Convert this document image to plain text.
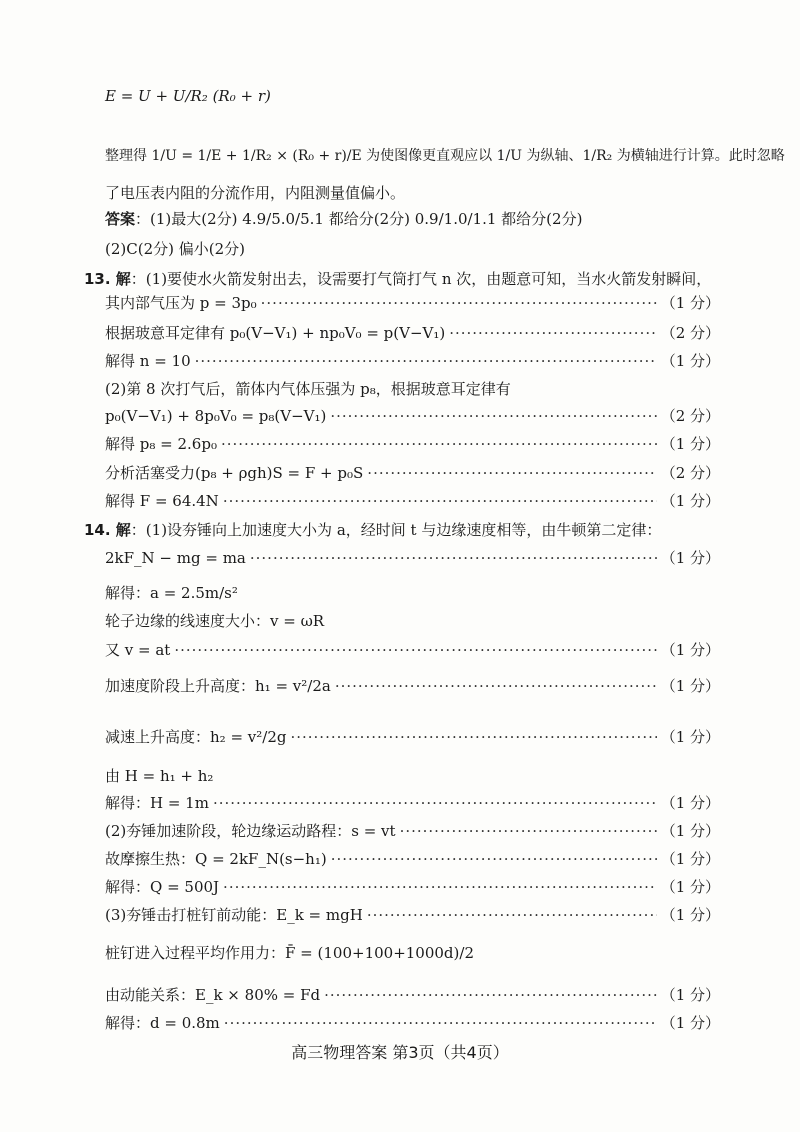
E = U + U/R₂ (R₀ + r)
整理得 1/U = 1/E + 1/R₂ × (R₀ + r)/E 为使图像更直观应以 1/U 为纵轴、1/R₂ 为横轴进行计算。此时忽略
了电压表内阻的分流作用，内阻测量值偏小。
答案 ：(1)最大(2分) 4.9/5.0/5.1 都给分(2分) 0.9/1.0/1.1 都给分(2分)
(2)C(2分) 偏小(2分)
13. 解 ：(1)要使水火箭发射出去，设需要打气筒打气 n 次，由题意可知，当水火箭发射瞬间，
其内部气压为 p = 3p₀ ·····	（1 分）
根据玻意耳定律有 p₀(V−V₁) + np₀V₀ = p(V−V₁) ·····	（2 分）
解得 n = 10 ·····	（1 分）
(2)第 8 次打气后，箭体内气体压强为 p₈，根据玻意耳定律有
p₀(V−V₁) + 8p₀V₀ = p₈(V−V₁) ·····	（2 分）
解得 p₈ = 2.6p₀ ·····	（1 分）
分析活塞受力(p₈ + ρgh)S = F + p₀S ·····	（2 分）
解得 F = 64.4N ·····	（1 分）
14. 解 ：(1)设夯锤向上加速度大小为 a，经时间 t 与边缘速度相等，由牛顿第二定律：
2kF_N − mg = ma ·····	（1 分）
解得：a = 2.5m/s²
轮子边缘的线速度大小：v = ωR
又 v = at ·····	（1 分）
加速度阶段上升高度：h₁ = v²/2a ·····	（1 分）
减速上升高度：h₂ = v²/2g ·····	（1 分）
由 H = h₁ + h₂
解得：H = 1m ·····	（1 分）
(2)夯锤加速阶段，轮边缘运动路程：s = vt ·····	（1 分）
故摩擦生热：Q = 2kF_N(s−h₁) ·····	（1 分）
解得：Q = 500J ·····	（1 分）
(3)夯锤击打桩钉前动能：E_k = mgH ·····	（1 分）
桩钉进入过程平均作用力：F̄ = (100+100+1000d)/2
由动能关系：E_k × 80% = Fd ·····	（1 分）
解得：d = 0.8m ·····	（1 分）
高三物理答案 第3页（共4页）
